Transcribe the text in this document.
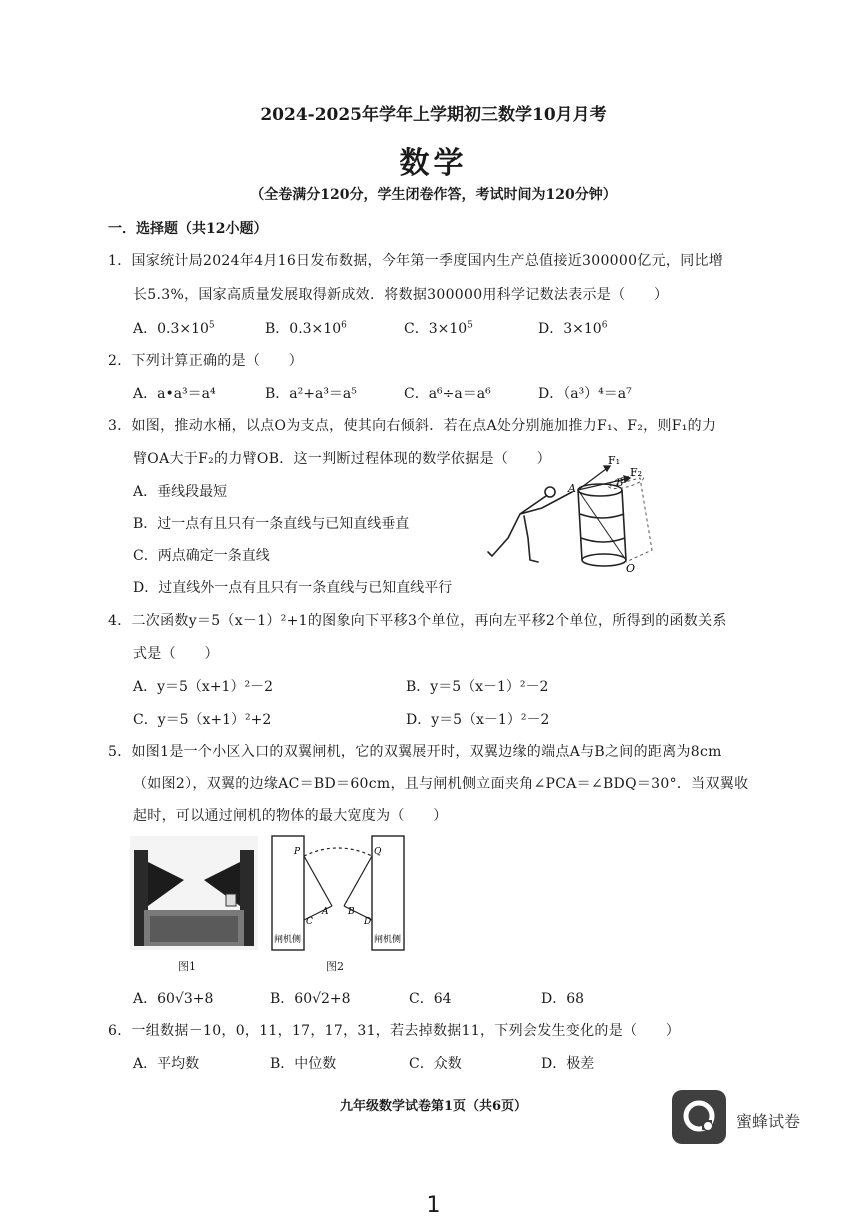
2024-2025年学年上学期初三数学10月月考
数学
（全卷满分120分，学生闭卷作答，考试时间为120分钟）
一．选择题（共12小题）
1．国家统计局2024年4月16日发布数据，今年第一季度国内生产总值接近300000亿元，同比增
长5.3%，国家高质量发展取得新成效．将数据300000用科学记数法表示是（　　）
A．$0.3\times 10^5$	B．$0.3\times 10^6$	C．$3\times 10^5$	D．$3\times 10^6$
2．下列计算正确的是（　　）
A．a•a³＝a⁴	B．a²+a³＝a⁵	C．a⁶÷a＝a⁶	D．（a³）⁴＝a⁷
3．如图，推动水桶，以点O为支点，使其向右倾斜．若在点A处分别施加推力F₁、F₂，则F₁的力
臂OA大于F₂的力臂OB．这一判断过程体现的数学依据是（　　）
A．垂线段最短
B．过一点有且只有一条直线与已知直线垂直
C．两点确定一条直线
D．过直线外一点有且只有一条直线与已知直线平行
F₁
F₂
A	B
O
4．二次函数y＝5（x－1）²+1的图象向下平移3个单位，再向左平移2个单位，所得到的函数关系
式是（　　）
A．y＝5（x+1）²－2	B．y＝5（x－1）²－2
C．y＝5（x+1）²+2	D．y＝5（x－1）²－2
5．如图1是一个小区入口的双翼闸机，它的双翼展开时，双翼边缘的端点A与B之间的距离为8cm
（如图2），双翼的边缘AC＝BD＝60cm，且与闸机侧立面夹角∠PCA＝∠BDQ＝30°．当双翼收
起时，可以通过闸机的物体的最大宽度为（　　）
图1
P	Q
A B
C	D
闸机侧	闸机侧
图2
A．60√3+8	B．60√2+8	C．64	D．68
6．一组数据－10，0，11，17，17，31，若去掉数据11，下列会发生变化的是（　　）
A．平均数	B．中位数	C．众数	D．极差
九年级数学试卷第1页（共6页）
蜜蜂试卷
1
